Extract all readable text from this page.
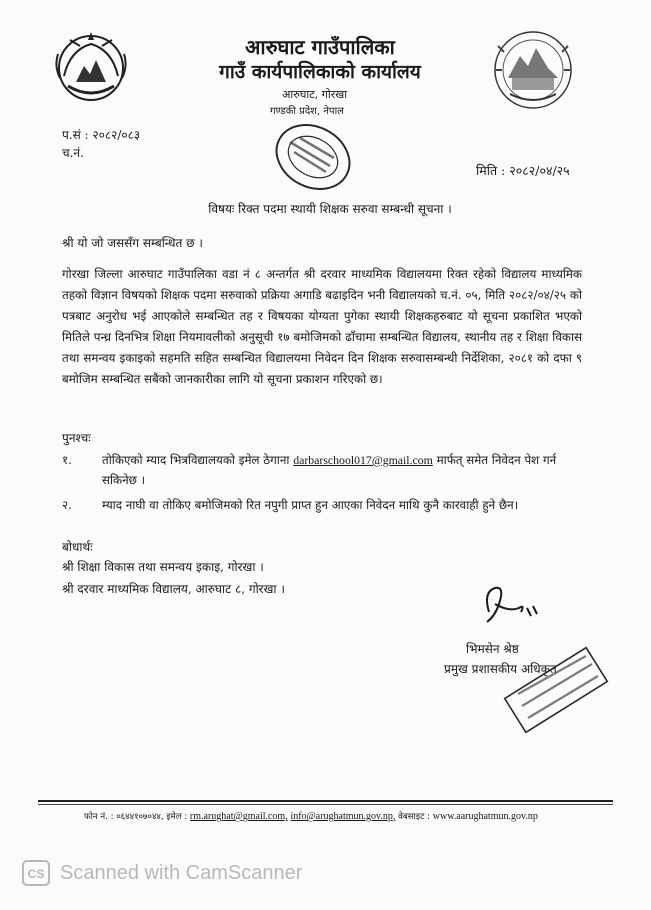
आरुघाट गाउँपालिका
गाउँ कार्यपालिकाको कार्यालय
आरुघाट, गोरखा
गण्डकी प्रदेश, नेपाल
प.सं : २०८२/०८३
च.नं.
मिति : २०८२/०४/२५
विषयः रिक्त पदमा स्थायी शिक्षक सरुवा सम्बन्धी सूचना ।
श्री यो जो जससँग सम्बन्धित छ ।
गोरखा जिल्ला आरुघाट गाउँपालिका वडा नं ८ अन्तर्गत श्री दरवार माध्यमिक विद्यालयमा रिक्त रहेको विद्यालय माध्यमिक तहको विज्ञान विषयको शिक्षक पदमा सरुवाको प्रक्रिया अगाडि बढाइदिन भनी विद्यालयको च.नं. ०५, मिति २०८२/०४/२५ को पत्रबाट अनुरोध भई आएकोले सम्बन्धित तह र विषयका योग्यता पुगेका स्थायी शिक्षकहरुबाट यो सूचना प्रकाशित भएको मितिले पन्ध्र दिनभित्र शिक्षा नियमावलीको अनुसूची १७ बमोजिमको ढाँचामा सम्बन्धित विद्यालय, स्थानीय तह र शिक्षा विकास तथा समन्वय इकाइको सहमति सहित सम्बन्धित विद्यालयमा निवेदन दिन शिक्षक सरुवासम्बन्धी निर्देशिका, २०८१ को दफा ९ बमोजिम सम्बन्धित सबैको जानकारीका लागि यो सूचना प्रकाशन गरिएको छ।
पुनश्चः
१.	तोकिएको म्याद भित्रविद्यालयको इमेल ठेगाना darbarschool017@gmail.com मार्फत् समेत निवेदन पेश गर्न सकिनेछ ।
२.	म्याद नाघी वा तोकिए बमोजिमको रित नपुगी प्राप्त हुन आएका निवेदन माथि कुनै कारवाही हुने छैन।
बोधार्थः
श्री शिक्षा विकास तथा समन्वय इकाइ, गोरखा ।
श्री दरवार माध्यमिक विद्यालय, आरुघाट ८, गोरखा ।
भिमसेन श्रेष्ठ
प्रमुख प्रशासकीय अधिकृत
फोन नं. : ०६४४१०७०४४, इमेल : rm.arughat@gmail.com, info@arughatmun.gov.np, वेबसाइट : www.aarughatmun.gov.np
CS Scanned with CamScanner
